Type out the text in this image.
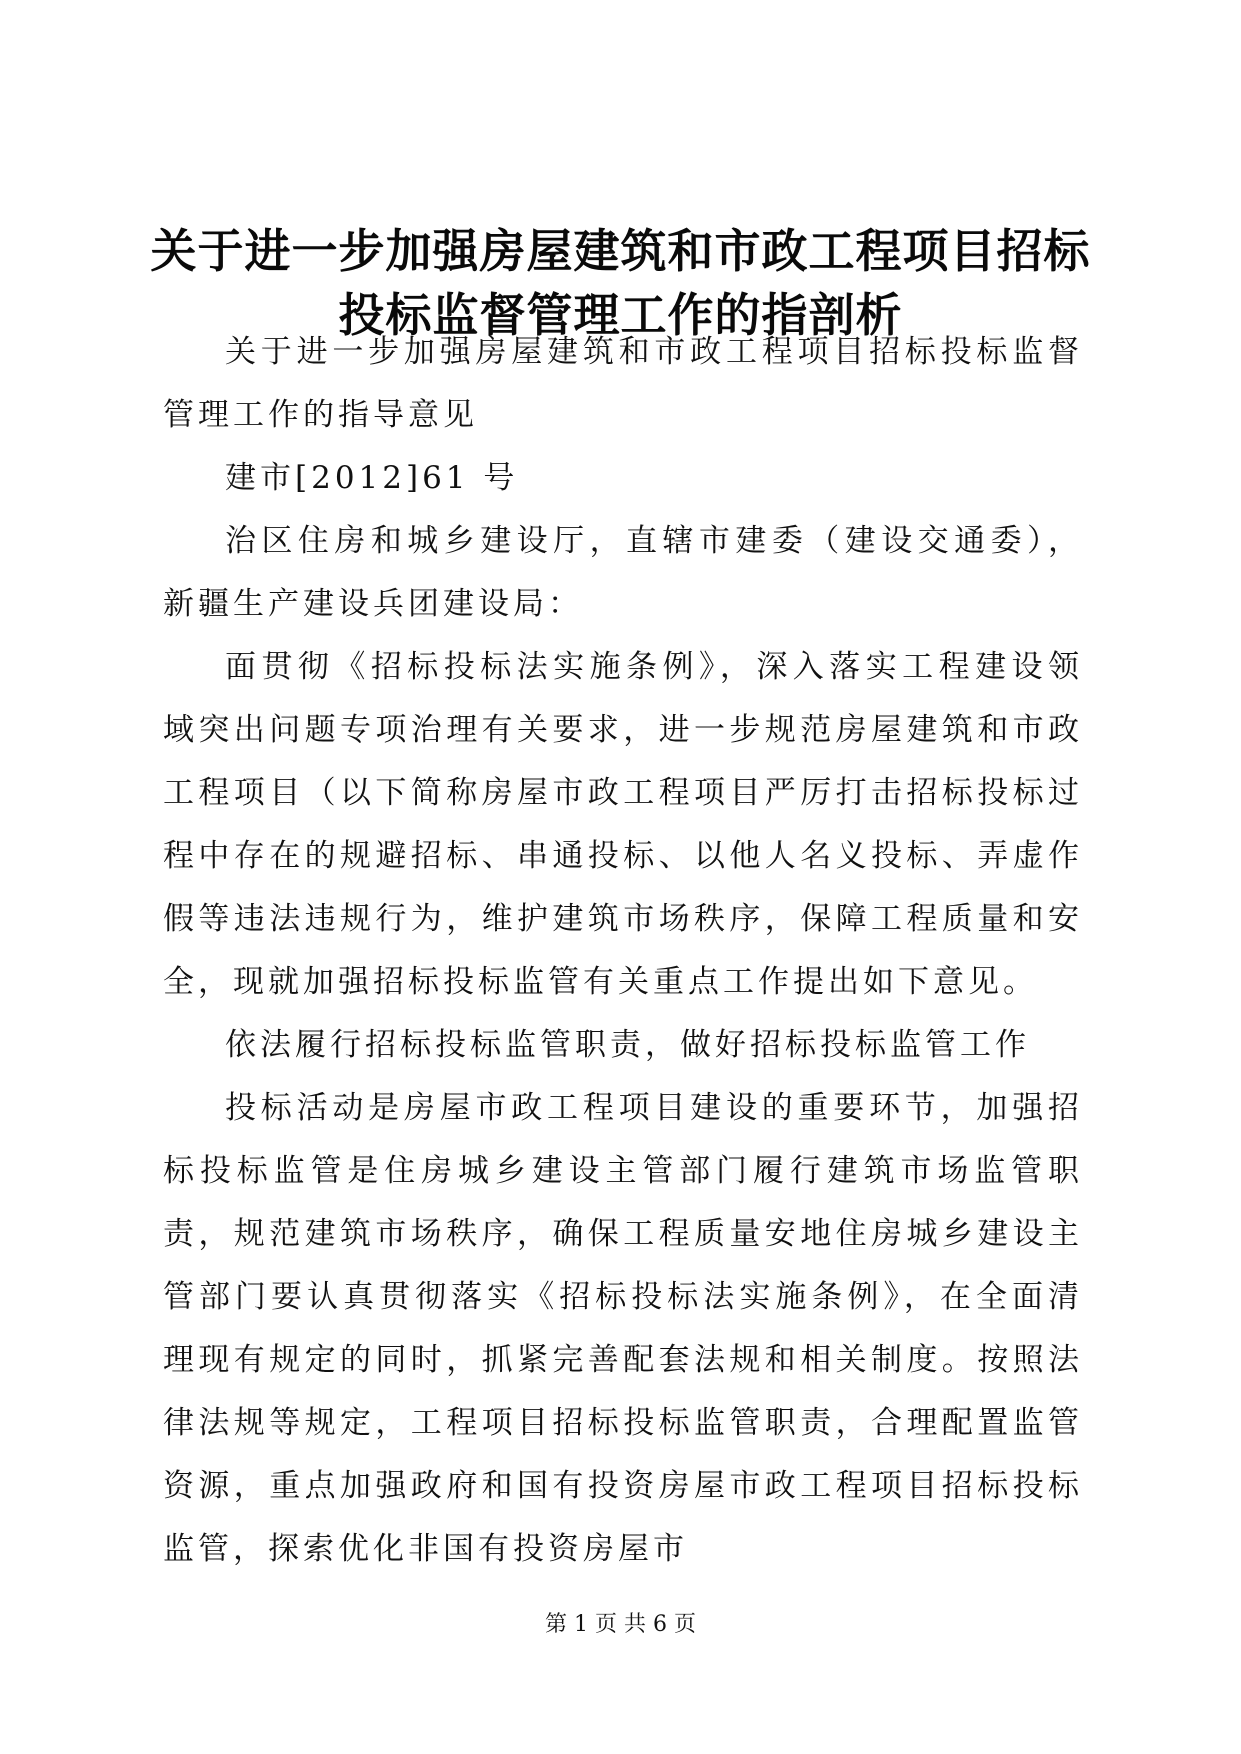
关于进一步加强房屋建筑和市政工程项目招标
投标监督管理工作的指剖析

关于进一步加强房屋建筑和市政工程项目招标投标监督管理工作的指导意见

建市[2012]61 号

治区住房和城乡建设厅，直辖市建委（建设交通委），新疆生产建设兵团建设局：

面贯彻《招标投标法实施条例》，深入落实工程建设领域突出问题专项治理有关要求，进一步规范房屋建筑和市政工程项目（以下简称房屋市政工程项目严厉打击招标投标过程中存在的规避招标、串通投标、以他人名义投标、弄虚作假等违法违规行为，维护建筑市场秩序，保障工程质量和安全，现就加强招标投标监管有关重点工作提出如下意见。

依法履行招标投标监管职责，做好招标投标监管工作

投标活动是房屋市政工程项目建设的重要环节，加强招标投标监管是住房城乡建设主管部门履行建筑市场监管职责，规范建筑市场秩序，确保工程质量安地住房城乡建设主管部门要认真贯彻落实《招标投标法实施条例》，在全面清理现有规定的同时，抓紧完善配套法规和相关制度。按照法律法规等规定，工程项目招标投标监管职责，合理配置监管资源，重点加强政府和国有投资房屋市政工程项目招标投标监管，探索优化非国有投资房屋市

第 1 页 共 6 页
